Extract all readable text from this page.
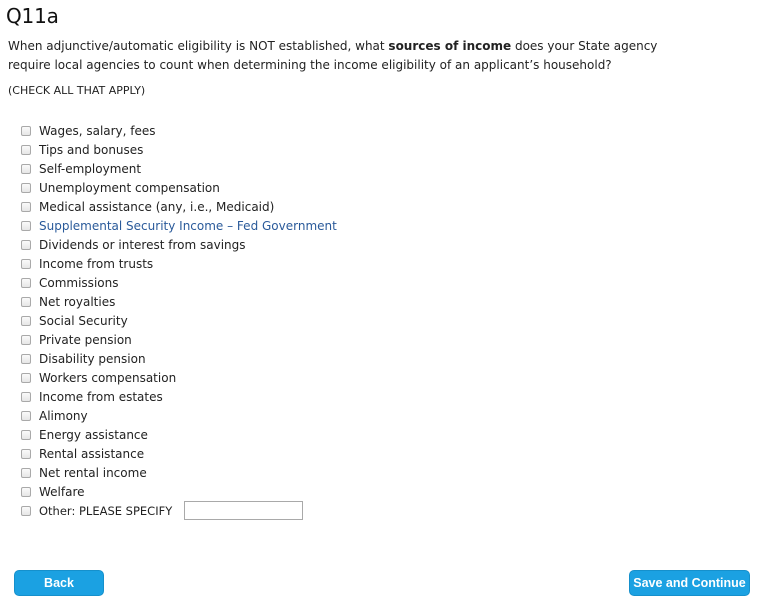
Q11a
When adjunctive/automatic eligibility is NOT established, what sources of income does your State agency require local agencies to count when determining the income eligibility of an applicant’s household?
(CHECK ALL THAT APPLY)
Wages, salary, fees
Tips and bonuses
Self-employment
Unemployment compensation
Medical assistance (any, i.e., Medicaid)
Supplemental Security Income – Fed Government
Dividends or interest from savings
Income from trusts
Commissions
Net royalties
Social Security
Private pension
Disability pension
Workers compensation
Income from estates
Alimony
Energy assistance
Rental assistance
Net rental income
Welfare
Other: PLEASE SPECIFY
Back	Save and Continue
